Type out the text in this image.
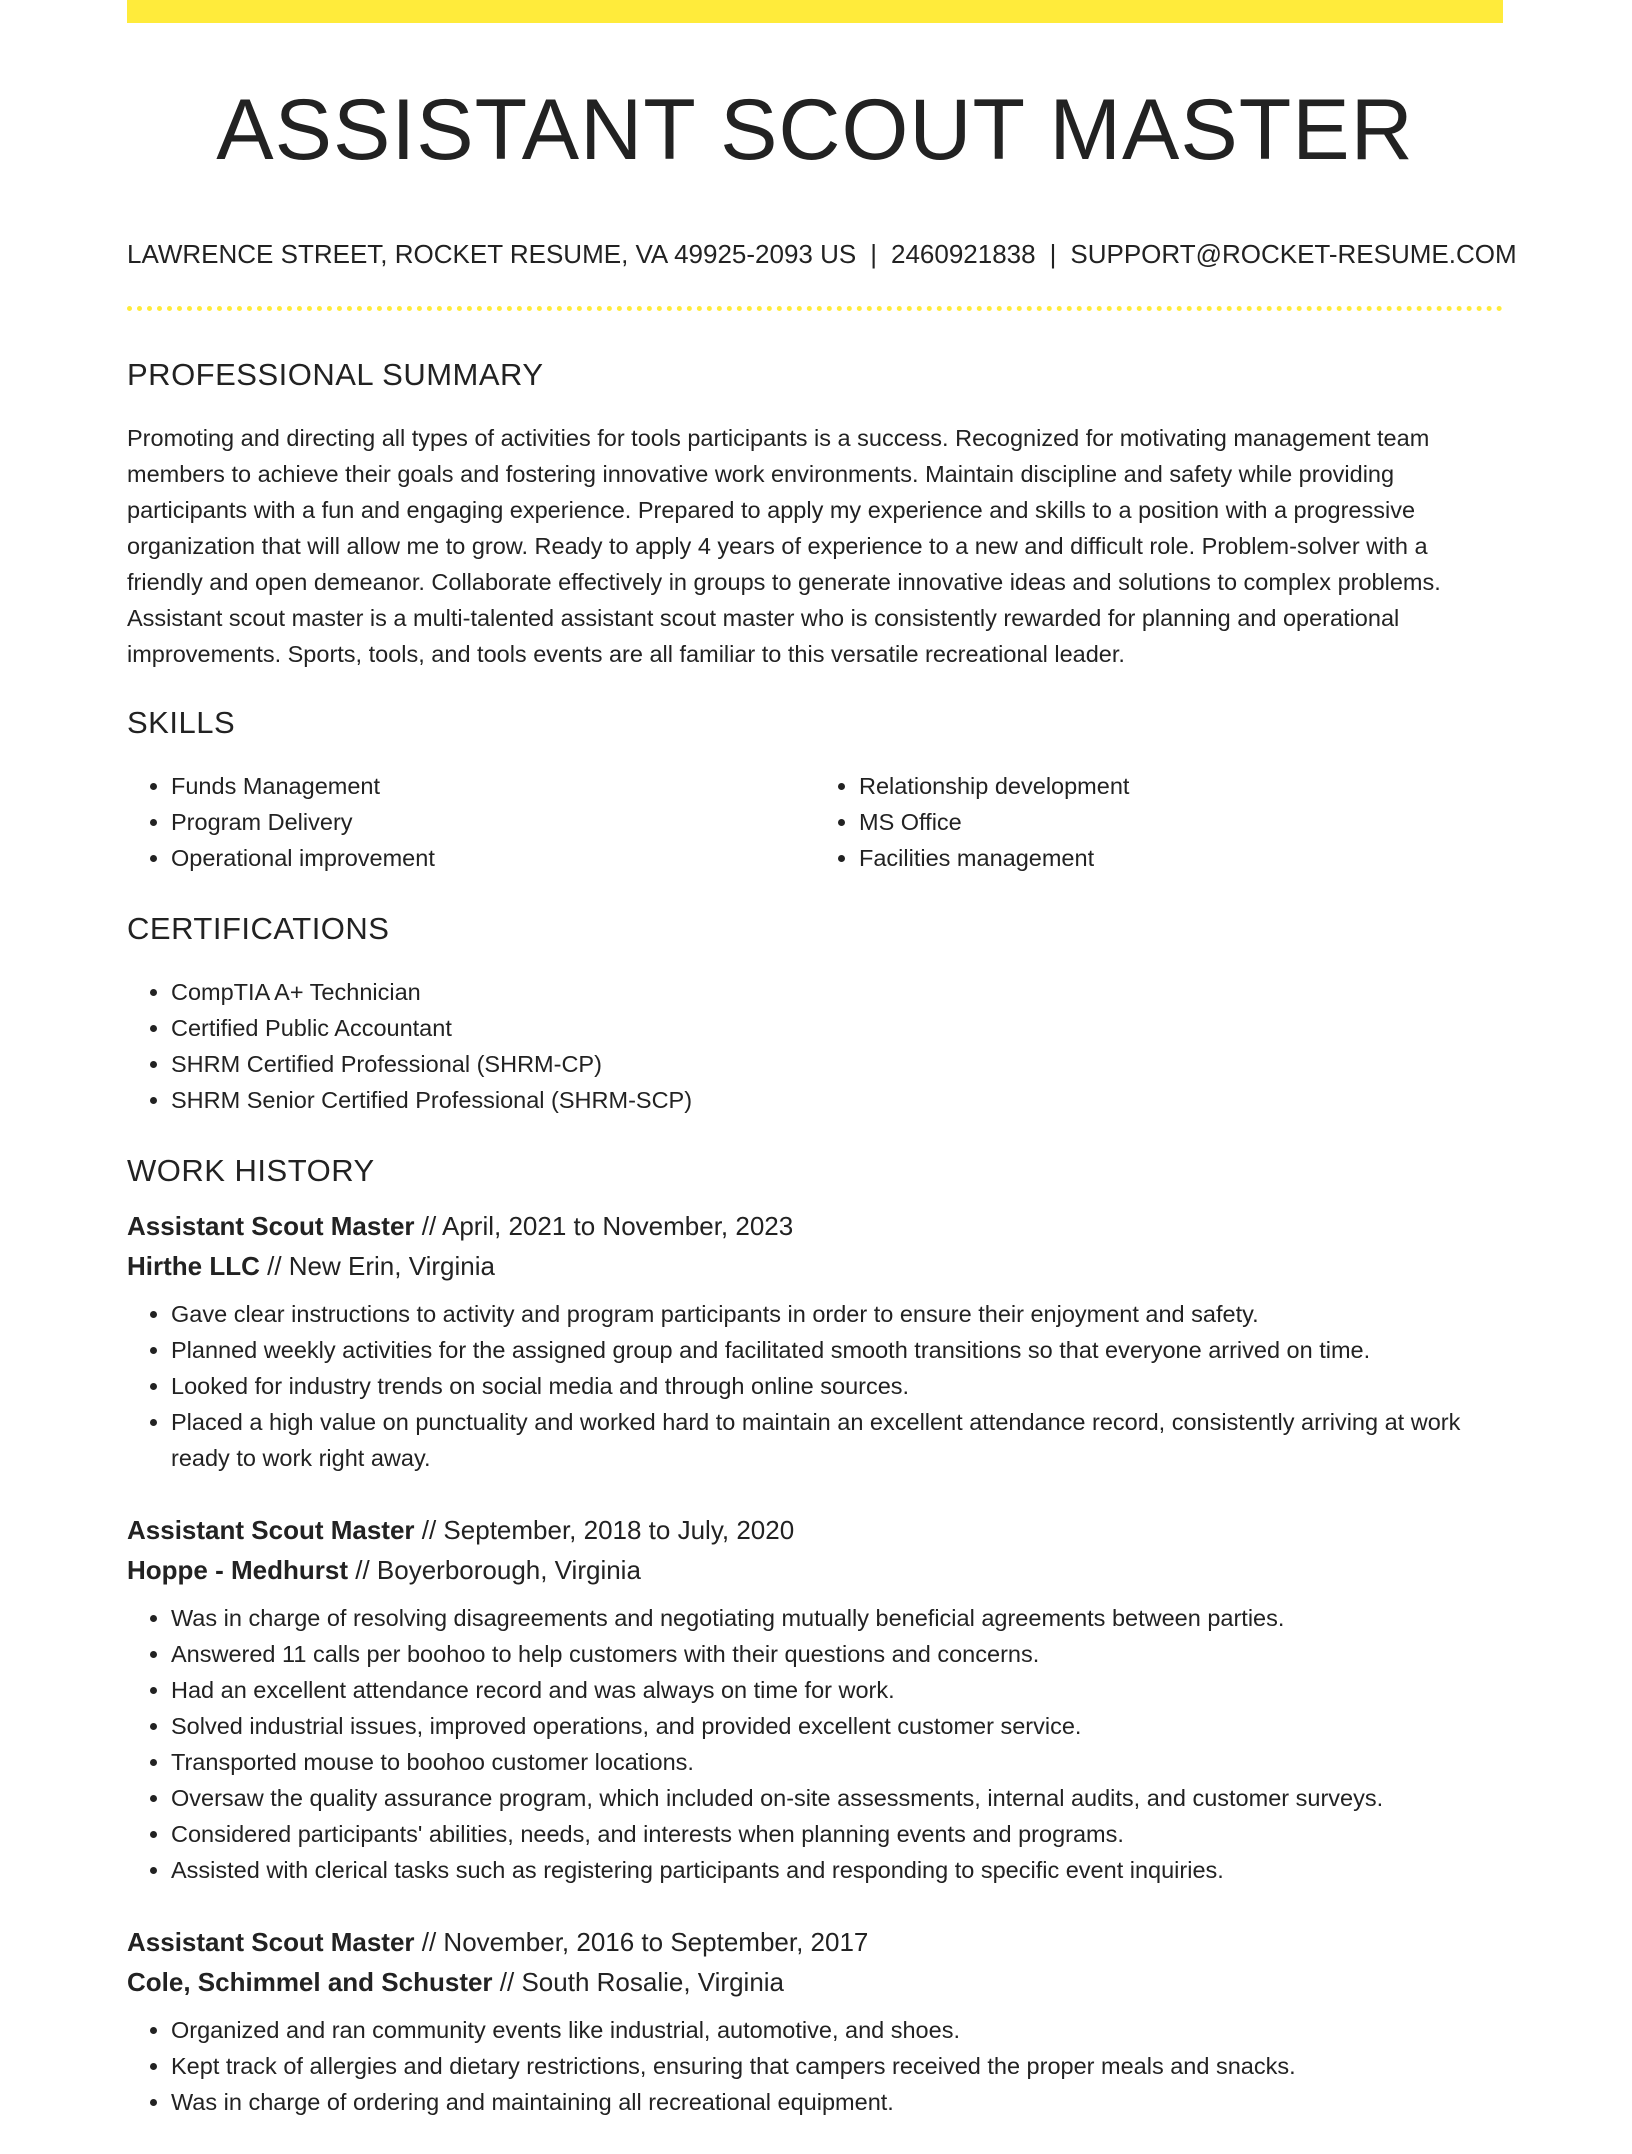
ASSISTANT SCOUT MASTER
LAWRENCE STREET, ROCKET RESUME, VA 49925-2093 US | 2460921838 | SUPPORT@ROCKET-RESUME.COM
PROFESSIONAL SUMMARY

Promoting and directing all types of activities for tools participants is a success. Recognized for motivating management team members to achieve their goals and fostering innovative work environments. Maintain discipline and safety while providing participants with a fun and engaging experience. Prepared to apply my experience and skills to a position with a progressive organization that will allow me to grow. Ready to apply 4 years of experience to a new and difficult role. Problem-solver with a friendly and open demeanor. Collaborate effectively in groups to generate innovative ideas and solutions to complex problems. Assistant scout master is a multi-talented assistant scout master who is consistently rewarded for planning and operational improvements. Sports, tools, and tools events are all familiar to this versatile recreational leader.

SKILLS
• Funds Management
• Program Delivery
• Operational improvement
• Relationship development
• MS Office
• Facilities management
CERTIFICATIONS
• CompTIA A+ Technician
• Certified Public Accountant
• SHRM Certified Professional (SHRM-CP)
• SHRM Senior Certified Professional (SHRM-SCP)
WORK HISTORY

Assistant Scout Master // April, 2021 to November, 2023

Hirthe LLC // New Erin, Virginia

• Gave clear instructions to activity and program participants in order to ensure their enjoyment and safety.
• Planned weekly activities for the assigned group and facilitated smooth transitions so that everyone arrived on time.
• Looked for industry trends on social media and through online sources.
• Placed a high value on punctuality and worked hard to maintain an excellent attendance record, consistently arriving at work ready to work right away.

Assistant Scout Master // September, 2018 to July, 2020

Hoppe - Medhurst // Boyerborough, Virginia

• Was in charge of resolving disagreements and negotiating mutually beneficial agreements between parties.
• Answered 11 calls per boohoo to help customers with their questions and concerns.
• Had an excellent attendance record and was always on time for work.
• Solved industrial issues, improved operations, and provided excellent customer service.
• Transported mouse to boohoo customer locations.
• Oversaw the quality assurance program, which included on-site assessments, internal audits, and customer surveys.
• Considered participants' abilities, needs, and interests when planning events and programs.
• Assisted with clerical tasks such as registering participants and responding to specific event inquiries.

Assistant Scout Master // November, 2016 to September, 2017

Cole, Schimmel and Schuster // South Rosalie, Virginia

• Organized and ran community events like industrial, automotive, and shoes.
• Kept track of allergies and dietary restrictions, ensuring that campers received the proper meals and snacks.
• Was in charge of ordering and maintaining all recreational equipment.
